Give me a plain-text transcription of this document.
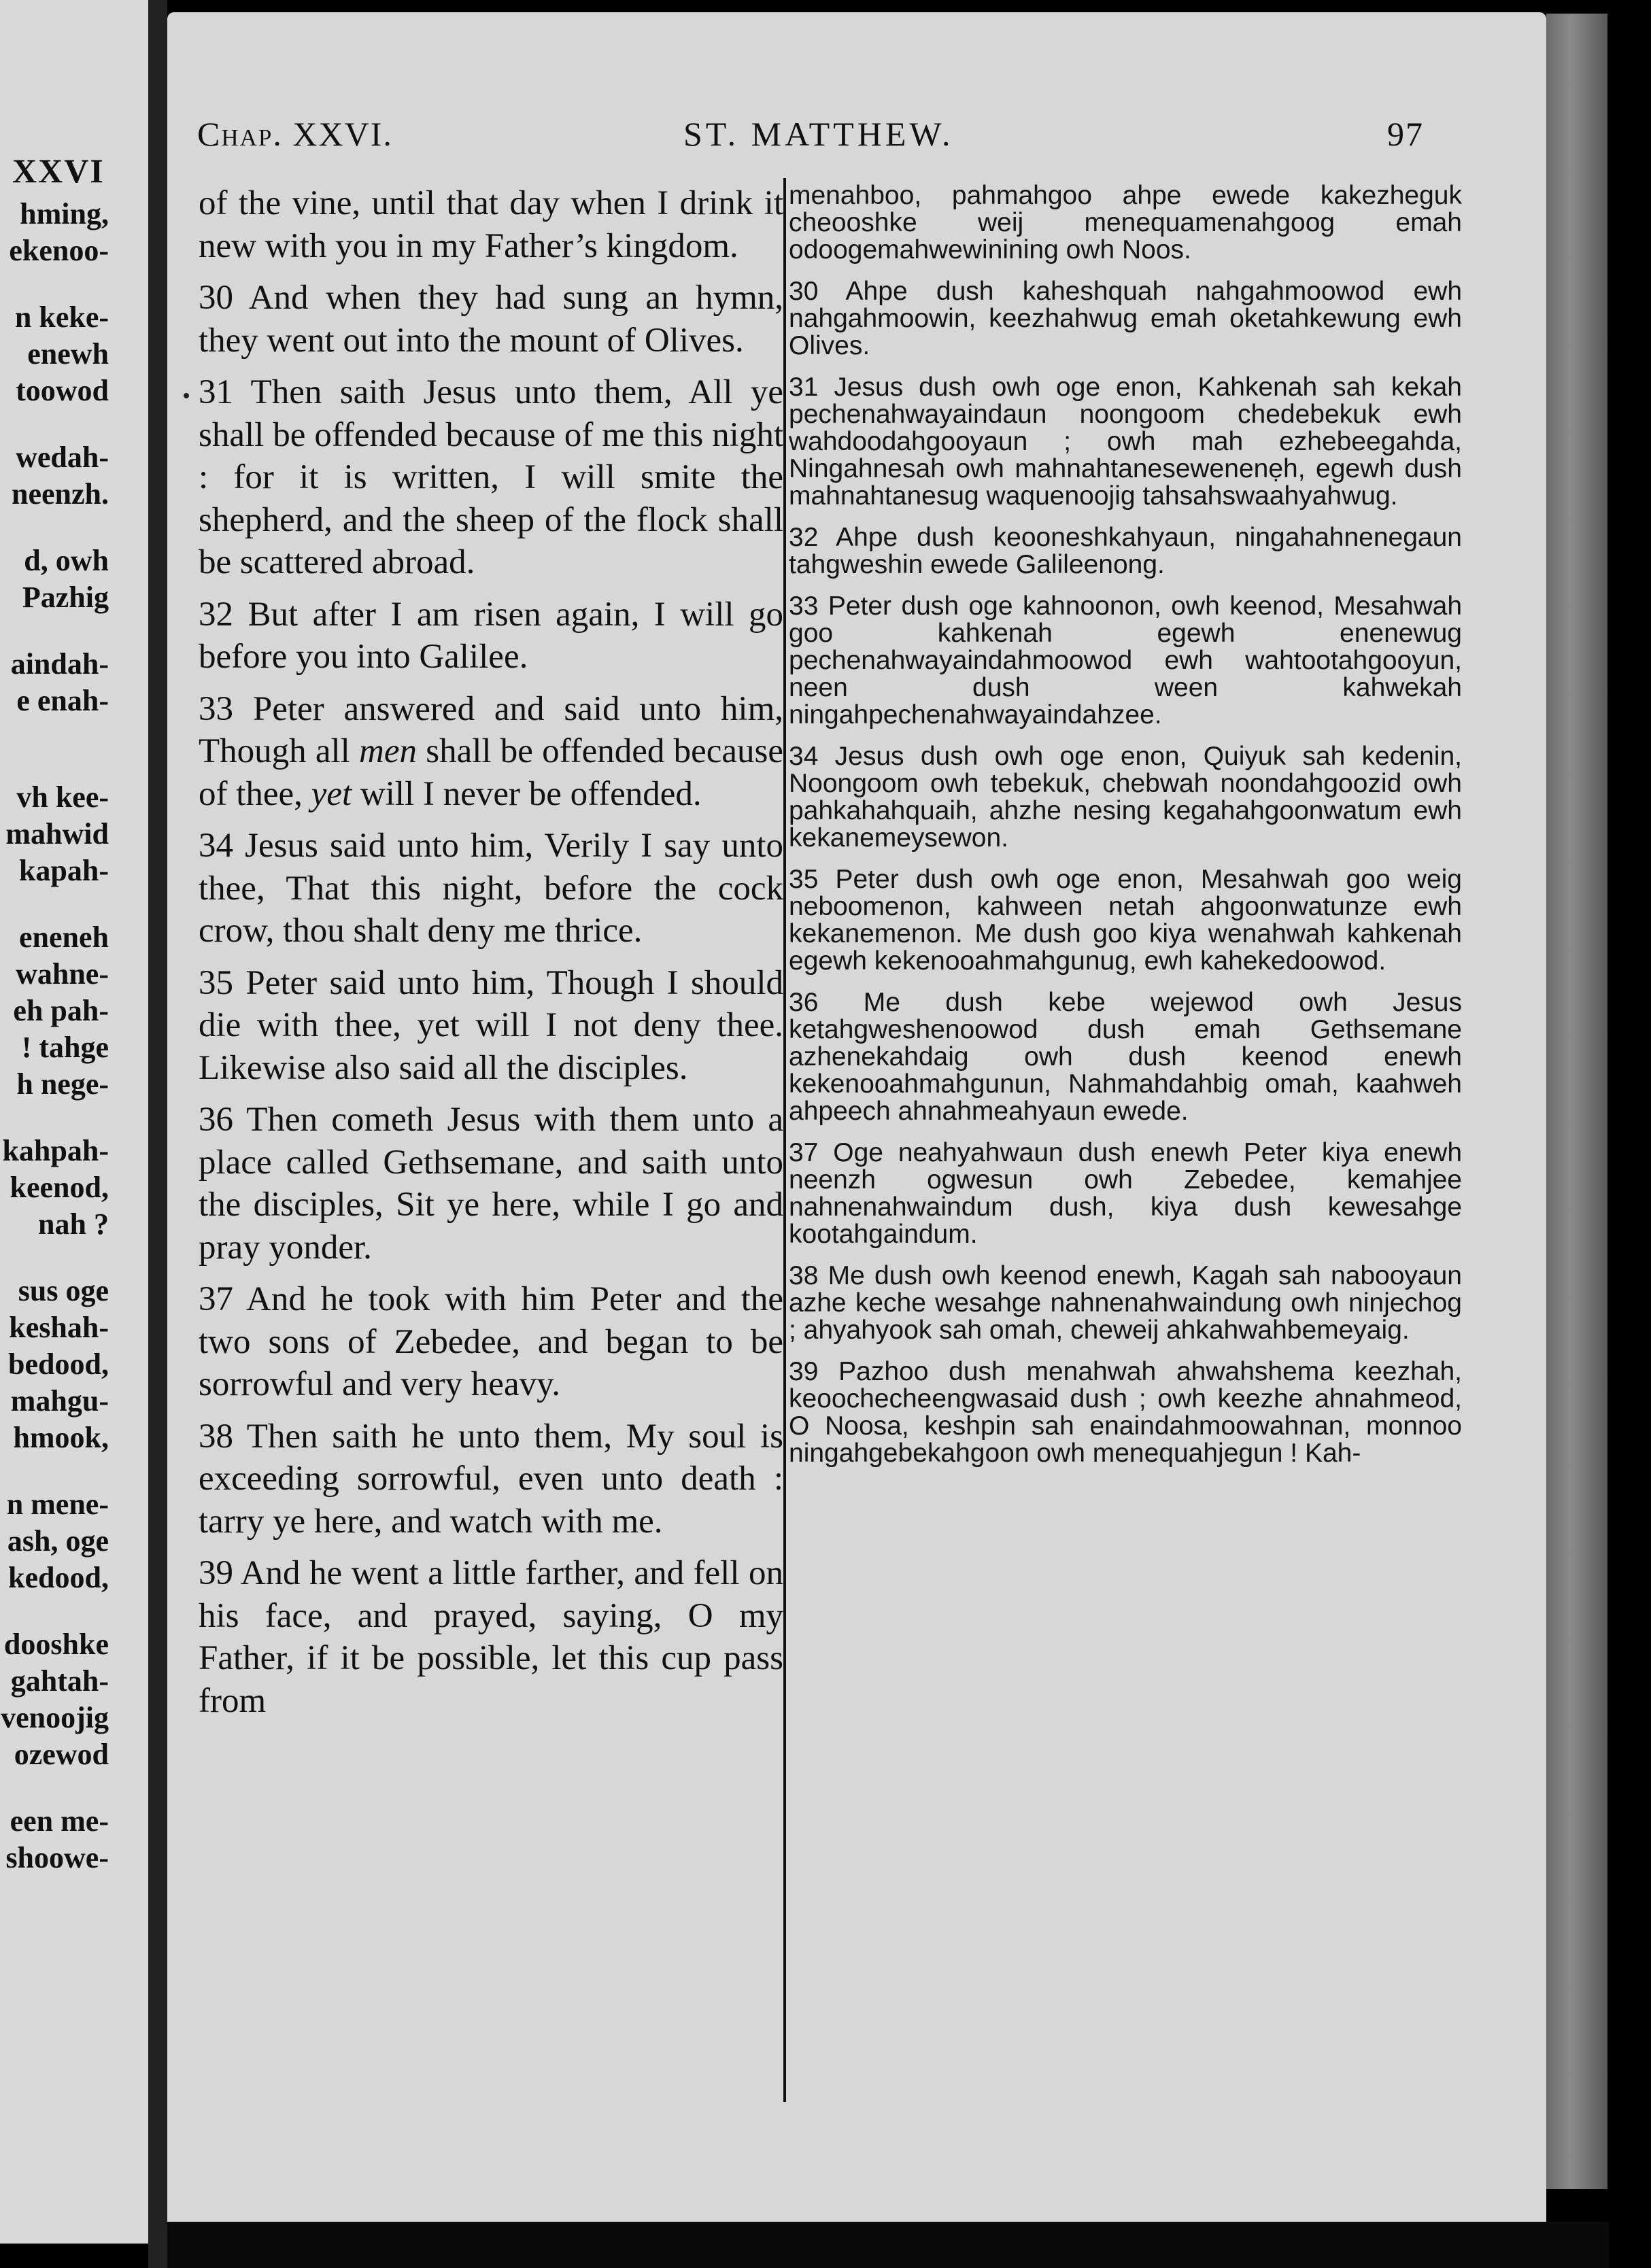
XXVI
hming,
ekenoo-
n keke-
enewh
toowod
wedah-
neenzh.
d, owh
Pazhig
aindah-
e enah-
vh kee-
mahwid
kapah-
eneneh
wahne-
eh pah-
! tahge
h nege-
kahpah-
keenod,
nah ?
sus oge
keshah-
bedood,
mahgu-
hmook,
n mene-
ash, oge
kedood,
dooshke
gahtah-
venoojig
ozewod
een me-
shoowe-
Chap. XXVI.	ST. MATTHEW.	97

of the vine, until that day when I drink it new with you in my Father’s kingdom.

30 And when they had sung an hymn, they went out into the mount of Olives.

31 Then saith Jesus unto them, All ye shall be offended because of me this night : for it is written, I will smite the shepherd, and the sheep of the flock shall be scattered abroad.

32 But after I am risen again, I will go before you into Galilee.

33 Peter answered and said unto him, Though all men shall be offended because of thee, yet will I never be offended.

34 Jesus said unto him, Verily I say unto thee, That this night, before the cock crow, thou shalt deny me thrice.

35 Peter said unto him, Though I should die with thee, yet will I not deny thee. Likewise also said all the disciples.

36 Then cometh Jesus with them unto a place called Gethsemane, and saith unto the disciples, Sit ye here, while I go and pray yonder.

37 And he took with him Peter and the two sons of Zebedee, and began to be sorrowful and very heavy.

38 Then saith he unto them, My soul is exceeding sorrowful, even unto death : tarry ye here, and watch with me.

39 And he went a little farther, and fell on his face, and prayed, saying, O my Father, if it be possible, let this cup pass from

menahboo, pahmahgoo ahpe ewede kakezheguk cheooshke weij menequamenahgoog emah odoogemahwewinining owh Noos.

30 Ahpe dush kaheshquah nahgahmoowod ewh nahgahmoowin, keezhahwug emah oketahkewung ewh Olives.

31 Jesus dush owh oge enon, Kahkenah sah kekah pechenahwayaindaun noongoom chedebekuk ewh wahdoodahgooyaun ; owh mah ezhebeegahda, Ningahnesah owh mahnahtanesewenenẹh, egewh dush mahnahtanesug waquenoojig tahsahswaahyahwug.

32 Ahpe dush keooneshkahyaun, ningahahnenegaun tahgweshin ewede Galileenong.

33 Peter dush oge kahnoonon, owh keenod, Mesahwah goo kahkenah egewh enenewug pechenahwayaindahmoowod ewh wahtootahgooyun, neen dush ween kahwekah ningahpechenahwayaindahzee.

34 Jesus dush owh oge enon, Quiyuk sah kedenin, Noongoom owh tebekuk, chebwah noondahgoozid owh pahkahahquaih, ahzhe nesing kegahahgoonwatum ewh kekanemeysewon.

35 Peter dush owh oge enon, Mesahwah goo weig neboomenon, kahween netah ahgoonwatunze ewh kekanemenon. Me dush goo kiya wenahwah kahkenah egewh kekenooahmahgunug, ewh kahekedoowod.

36 Me dush kebe wejewod owh Jesus ketahgweshenoowod dush emah Gethsemane azhenekahdaig owh dush keenod enewh kekenooahmahgunun, Nahmahdahbig omah, kaahweh ahpeech ahnahmeahyaun ewede.

37 Oge neahyahwaun dush enewh Peter kiya enewh neenzh ogwesun owh Zebedee, kemahjee nahnenahwaindum dush, kiya dush kewesahge kootahgaindum.

38 Me dush owh keenod enewh, Kagah sah nabooyaun azhe keche wesahge nahnenahwaindung owh ninjechog ; ahyahyook sah omah, cheweij ahkahwahbemeyaig.

39 Pazhoo dush menahwah ahwahshema keezhah, keoochecheengwasaid dush ; owh keezhe ahnahmeod, O Noosa, keshpin sah enaindahmoowahnan, monnoo ningahgebekahgoon owh menequahjegun ! Kah-
